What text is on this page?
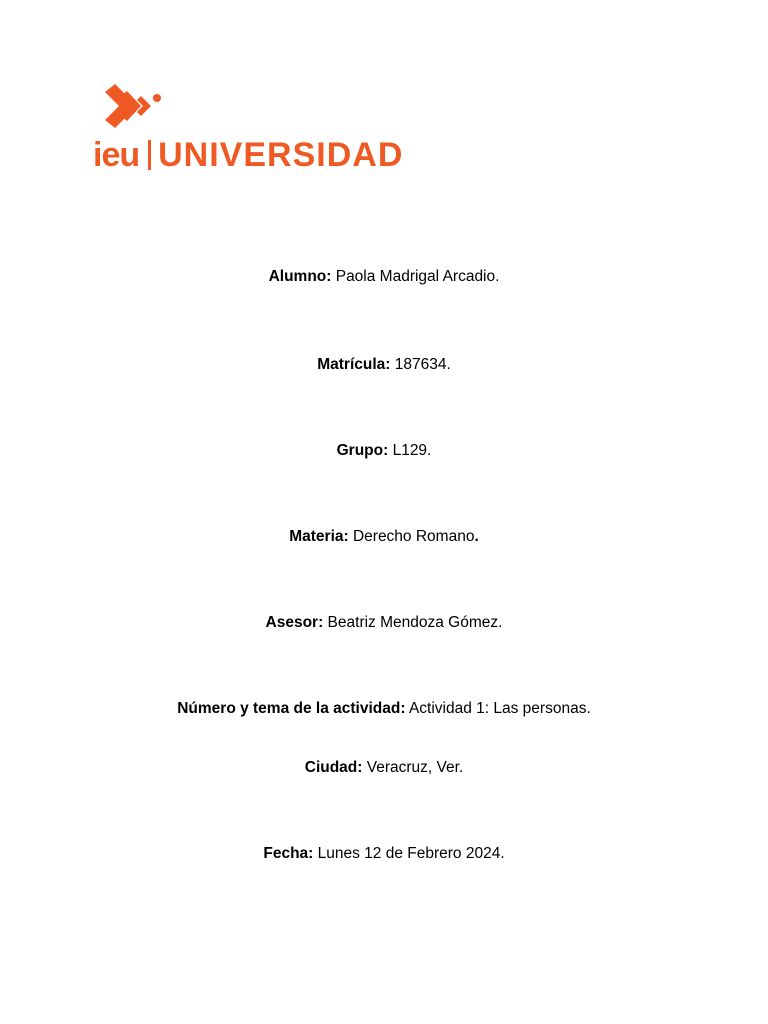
ieu UNIVERSIDAD
Alumno: Paola Madrigal Arcadio.
Matrícula: 187634.
Grupo: L129.
Materia: Derecho Romano.
Asesor: Beatriz Mendoza Gómez.
Número y tema de la actividad: Actividad 1: Las personas.
Ciudad: Veracruz, Ver.
Fecha: Lunes 12 de Febrero 2024.
